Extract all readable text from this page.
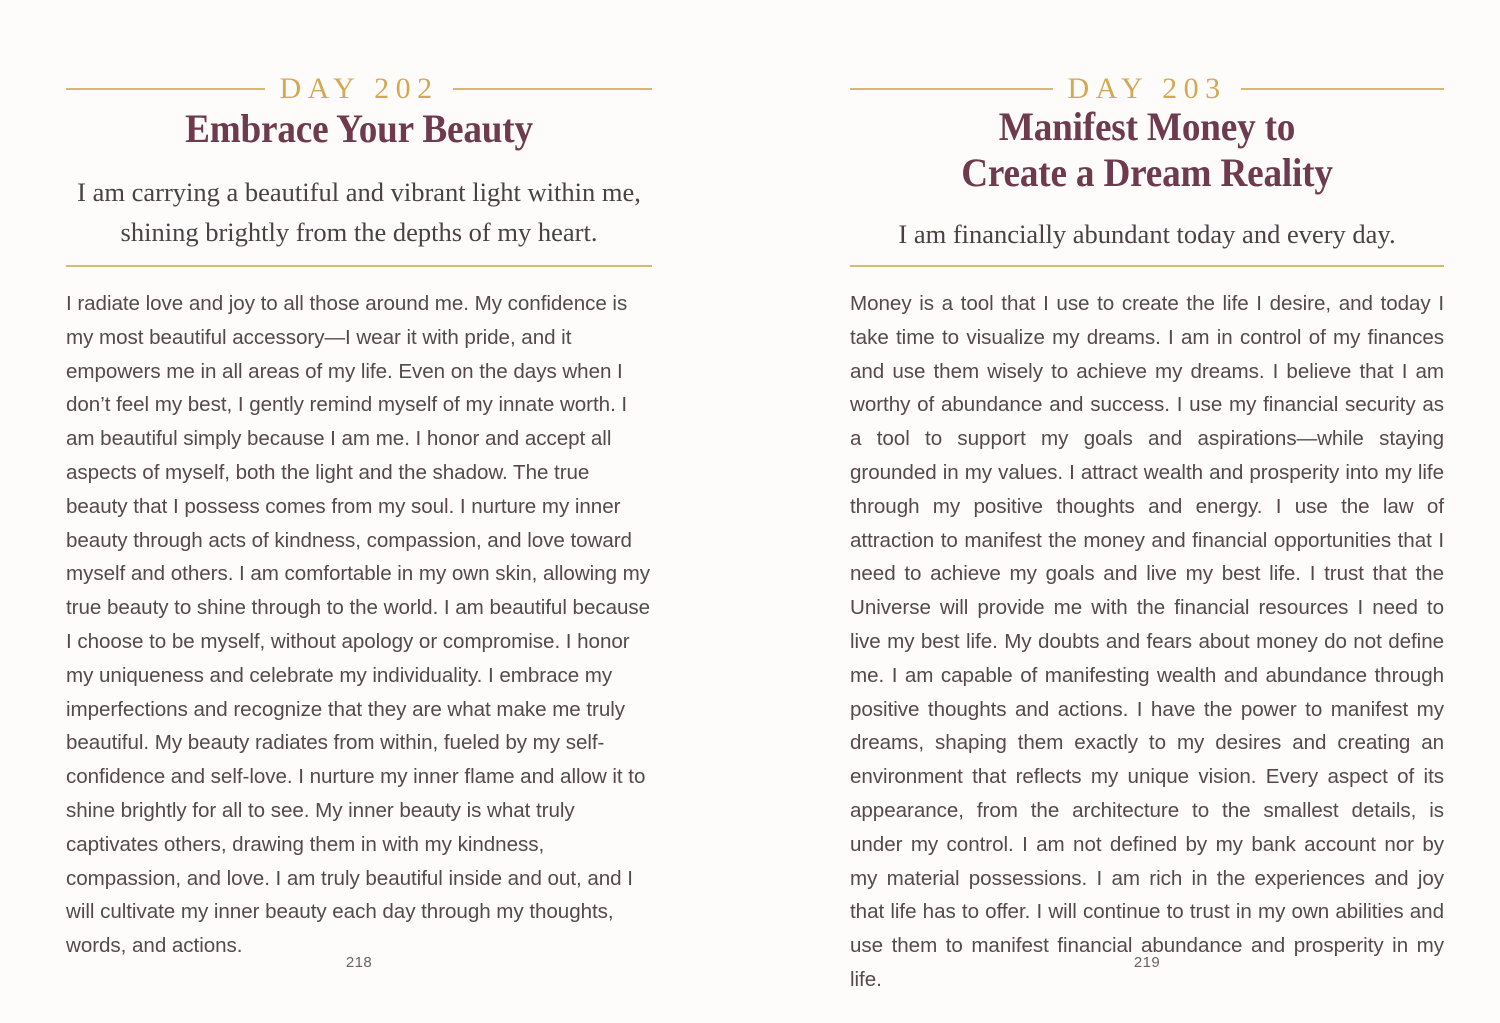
DAY 202
Embrace Your Beauty

I am carrying a beautiful and vibrant light within me, shining brightly from the depths of my heart.

I radiate love and joy to all those around me. My confidence is my most beautiful accessory—I wear it with pride, and it empowers me in all areas of my life. Even on the days when I don’t feel my best, I gently remind myself of my innate worth. I am beautiful simply because I am me. I honor and accept all aspects of myself, both the light and the shadow. The true beauty that I possess comes from my soul. I nurture my inner beauty through acts of kindness, compassion, and love toward myself and others. I am comfortable in my own skin, allowing my true beauty to shine through to the world. I am beautiful because I choose to be myself, without apology or compromise. I honor my uniqueness and celebrate my individuality. I embrace my imperfections and recognize that they are what make me truly beautiful. My beauty radiates from within, fueled by my self-confidence and self-love. I nurture my inner flame and allow it to shine brightly for all to see. My inner beauty is what truly captivates others, drawing them in with my kindness, compassion, and love. I am truly beautiful inside and out, and I will cultivate my inner beauty each day through my thoughts, words, and actions.

218
DAY 203
Manifest Money to
Create a Dream Reality

I am financially abundant today and every day.

Money is a tool that I use to create the life I desire, and today I take time to visualize my dreams. I am in control of my finances and use them wisely to achieve my dreams. I believe that I am worthy of abundance and success. I use my financial security as a tool to support my goals and aspirations—while staying grounded in my values. I attract wealth and prosperity into my life through my positive thoughts and energy. I use the law of attraction to manifest the money and financial opportunities that I need to achieve my goals and live my best life. I trust that the Universe will provide me with the financial resources I need to live my best life. My doubts and fears about money do not define me. I am capable of manifesting wealth and abundance through positive thoughts and actions. I have the power to manifest my dreams, shaping them exactly to my desires and creating an environment that reflects my unique vision. Every aspect of its appearance, from the architecture to the smallest details, is under my control. I am not defined by my bank account nor by my material possessions. I am rich in the experiences and joy that life has to offer. I will continue to trust in my own abilities and use them to manifest financial abundance and prosperity in my life.

219
